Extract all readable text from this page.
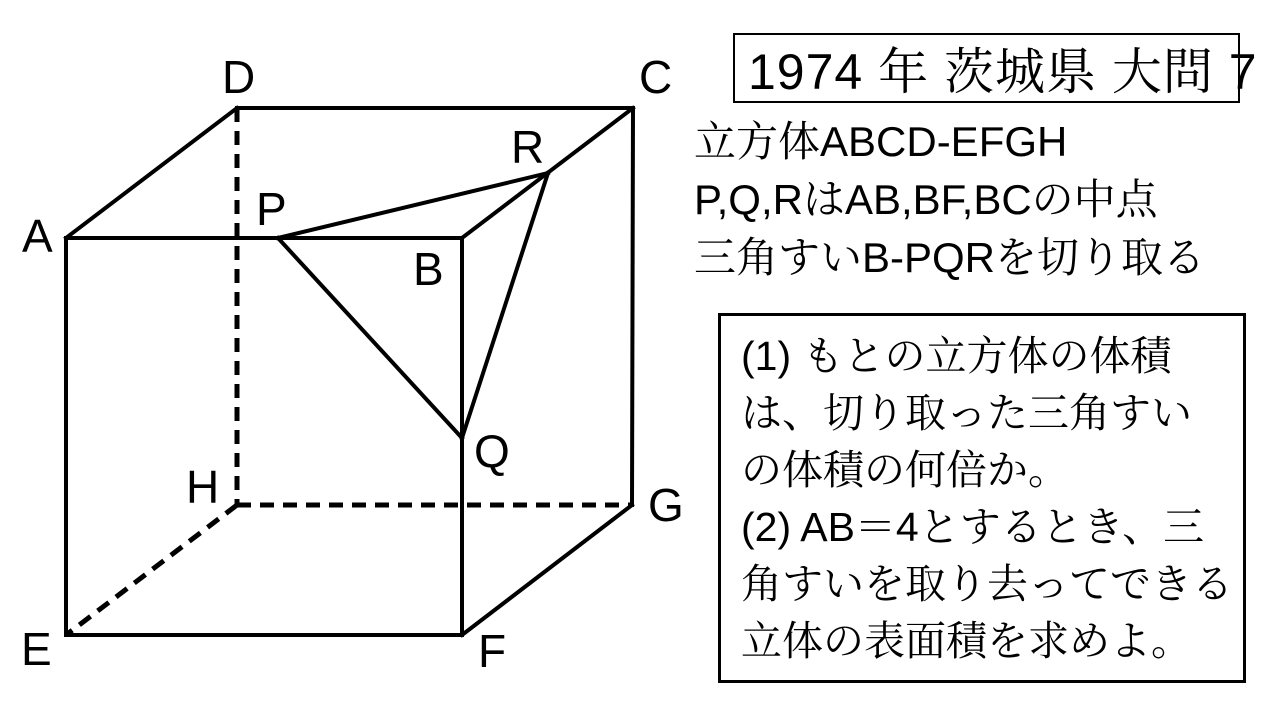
A
B
C
D
E	F
G
H
P
Q
R
1974 年 茨城県 大問 7
立方体ABCD-EFGH
P,Q,RはAB,BF,BCの中点
三角すいB-PQRを切り取る
(1) もとの立方体の体積
は、切り取った三角すい
の体積の何倍か。
(2) AB＝4とするとき、三
角すいを取り去ってできる
立体の表面積を求めよ。
